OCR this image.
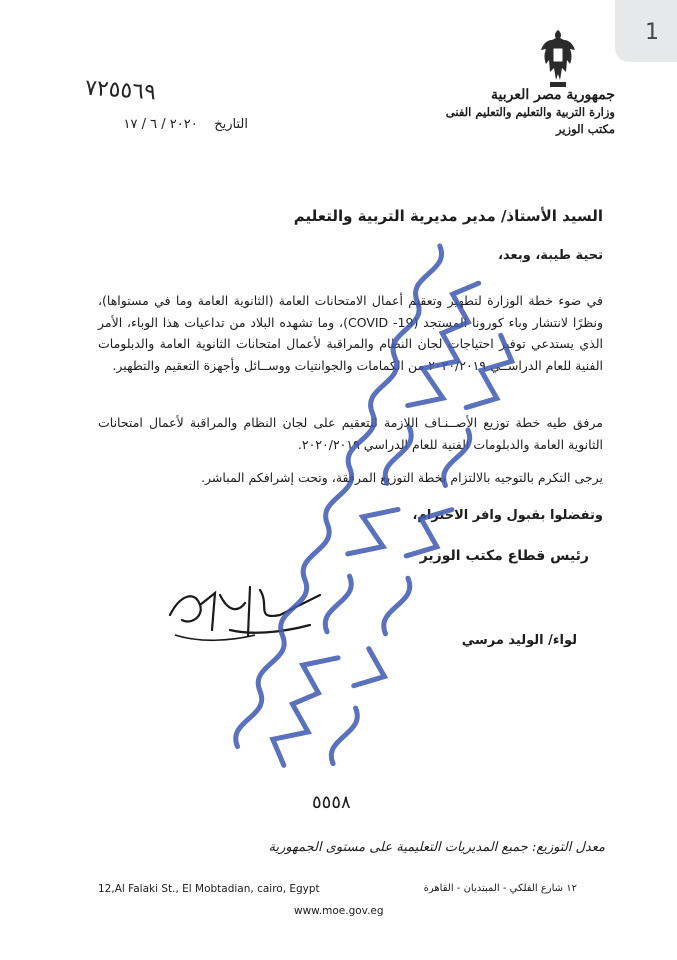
1
جمهورية مصر العربية
وزارة التربية والتعليم والتعليم الفنى
مكتب الوزير
٧٢٥٥٦٩
التاريخ    ٢٠٢٠ / ٦ / ١٧
السيد الأستاذ/ مدير مديرية التربية والتعليم
تحية طيبة، وبعد،
في ضوء خطة الوزارة لتطهير وتعقيم أعمال الامتحانات العامة (الثانوية العامة وما في مستواها)، ونظرًا لانتشار وباء كورونا المستجد (COVID -19)، وما تشهده البلاد من تداعيات هذا الوباء، الأمر الذي يستدعي توفير احتياجات لجان النظام والمراقبة لأعمال امتحانات الثانوية العامة والدبلومات الفنية للعام الدراســي ٢٠٢٠/٢٠١٩ من الكمامات والجوانتيات ووســائل وأجهزة التعقيم والتطهير.
مرفق طيه خطة توزيع الأصــنـاف اللازمة للتعقيم على لجان النظام والمراقبة لأعمال امتحانات الثانوية العامة والدبلومات الفنية للعام الدراسي ٢٠٢٠/٢٠١٩.
يرجى التكرم بالتوجيه بالالتزام بخطة التوزيع المرفقة، وتحت إشرافكم المباشر.
وتفضلوا بقبول وافر الاحترام،
رئيس قطاع مكتب الوزير
لواء/ الوليد مرسي
٥٥٥٨
معدل التوزيع: جميع المديريات التعليمية على مستوى الجمهورية
12,Al Falaki St., El Mobtadian, cairo, Egypt	١٢ شارع الفلكي - المبتديان - القاهرة
www.moe.gov.eg
